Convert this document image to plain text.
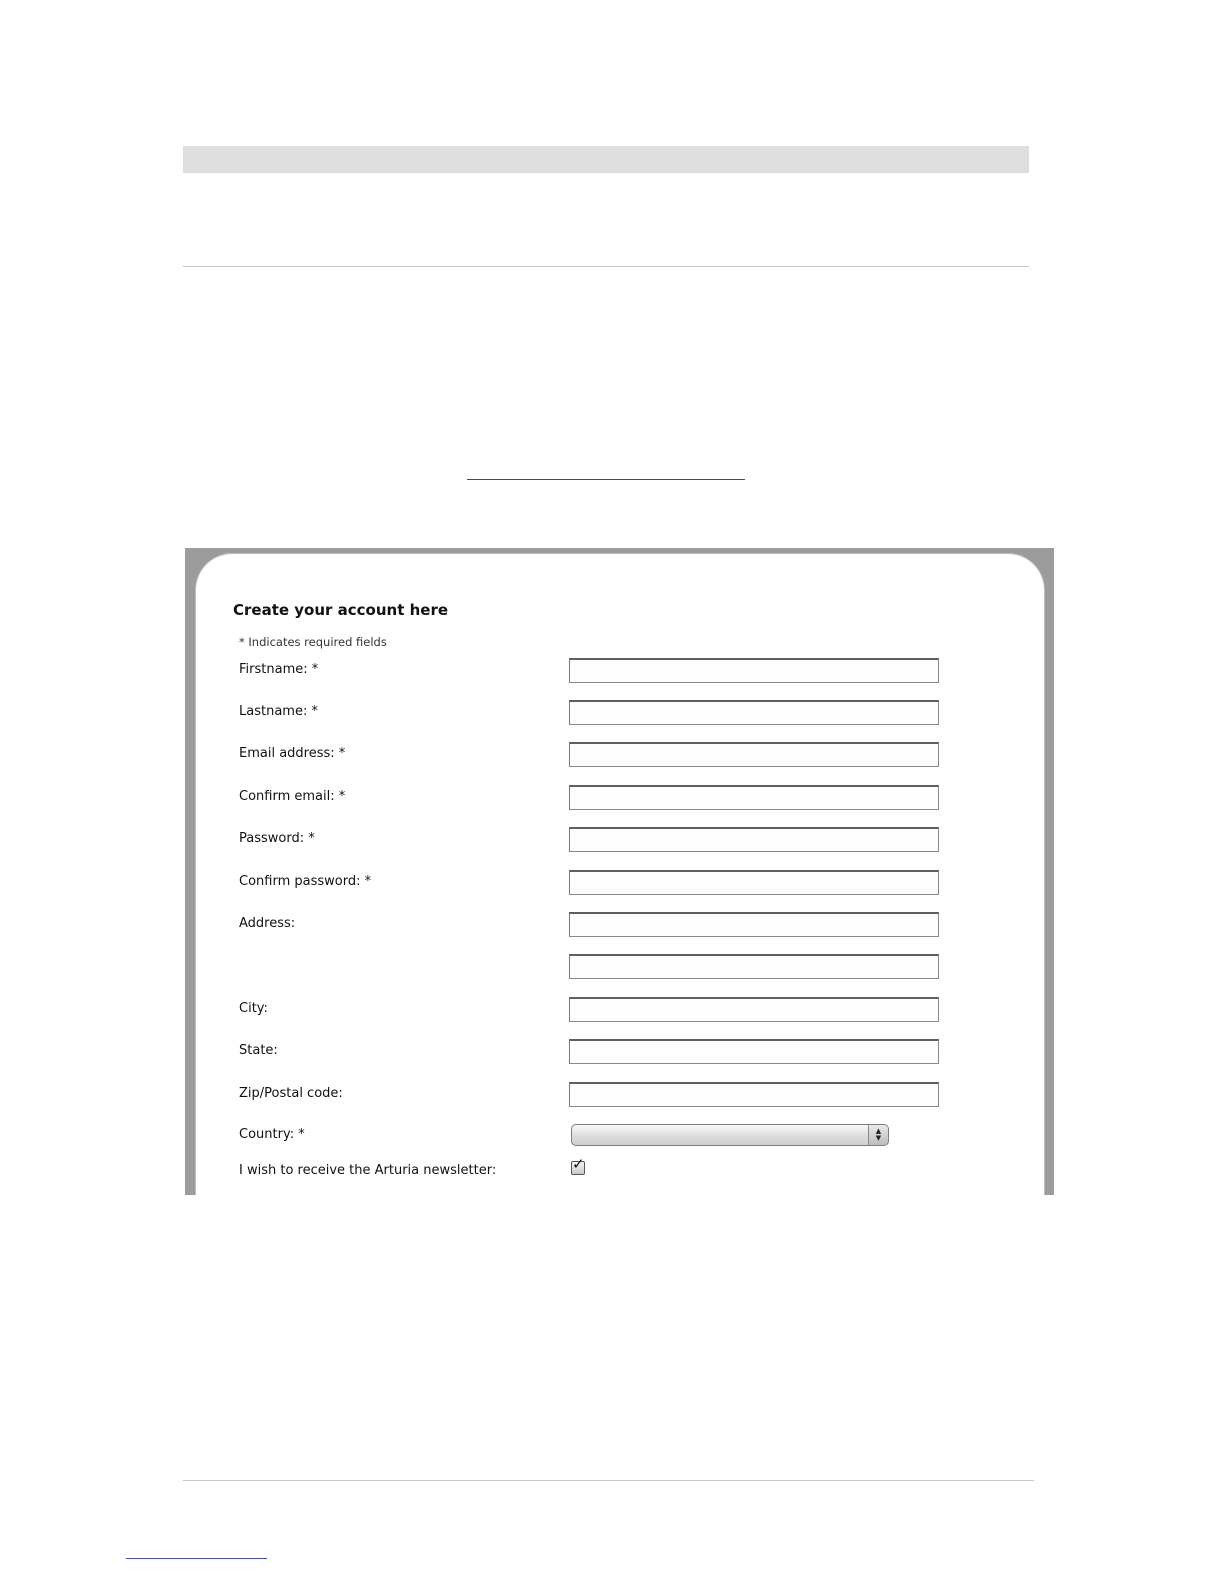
Create your account here
* Indicates required fields
Firstname: *
Lastname: *
Email address: *
Confirm email: *
Password: *
Confirm password: *
Address:
City:
State:
Zip/Postal code:
Country: *	▲
▼
I wish to receive the Arturia newsletter:	✓
